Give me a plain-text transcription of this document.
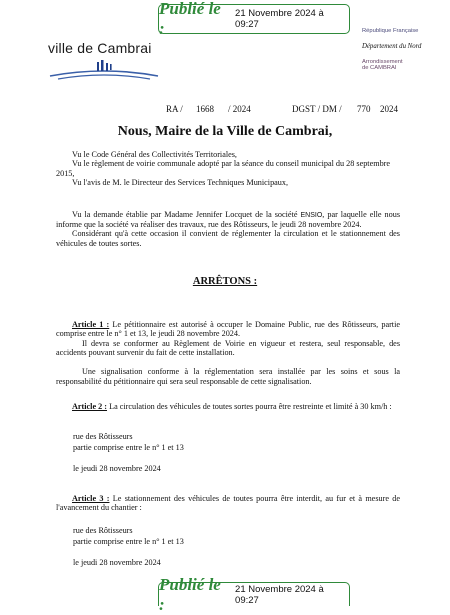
Publié le :
21 Novembre 2024 à 09:27
ville de Cambrai
République Française
Département du Nord
Arrondissement
de CAMBRAI
RA / 1668 / 2024	DGST / DM / 770 2024
Nous, Maire de la Ville de Cambrai,

Vu le Code Général des Collectivités Territoriales,

Vu le règlement de voirie communale adopté par la séance du conseil municipal du 28 septembre 2015,

Vu l'avis de M. le Directeur des Services Techniques Municipaux,

Vu la demande établie par Madame Jennifer Locquet de la société ENSIO, par laquelle elle nous informe que la société va réaliser des travaux, rue des Rôtisseurs, le jeudi 28 novembre 2024.

Considérant qu'à cette occasion il convient de réglementer la circulation et le stationnement des véhicules de toutes sortes.

ARRÊTONS :

Article 1 : Le pétitionnaire est autorisé à occuper le Domaine Public, rue des Rôtisseurs, partie comprise entre le n° 1 et 13, le jeudi 28 novembre 2024.

Il devra se conformer au Règlement de Voirie en vigueur et restera, seul responsable, des accidents pouvant survenir du fait de cette installation.

Une signalisation conforme à la réglementation sera installée par les soins et sous la responsabilité du pétitionnaire qui sera seul responsable de cette signalisation.

Article 2 : La circulation des véhicules de toutes sortes pourra être restreinte et limité à 30 km/h :

rue des Rôtisseurs
partie comprise entre le n° 1 et 13
le jeudi 28 novembre 2024

Article 3 : Le stationnement des véhicules de toutes pourra être interdit, au fur et à mesure de l'avancement du chantier :

rue des Rôtisseurs
partie comprise entre le n° 1 et 13
le jeudi 28 novembre 2024
Publié le :
21 Novembre 2024 à 09:27
